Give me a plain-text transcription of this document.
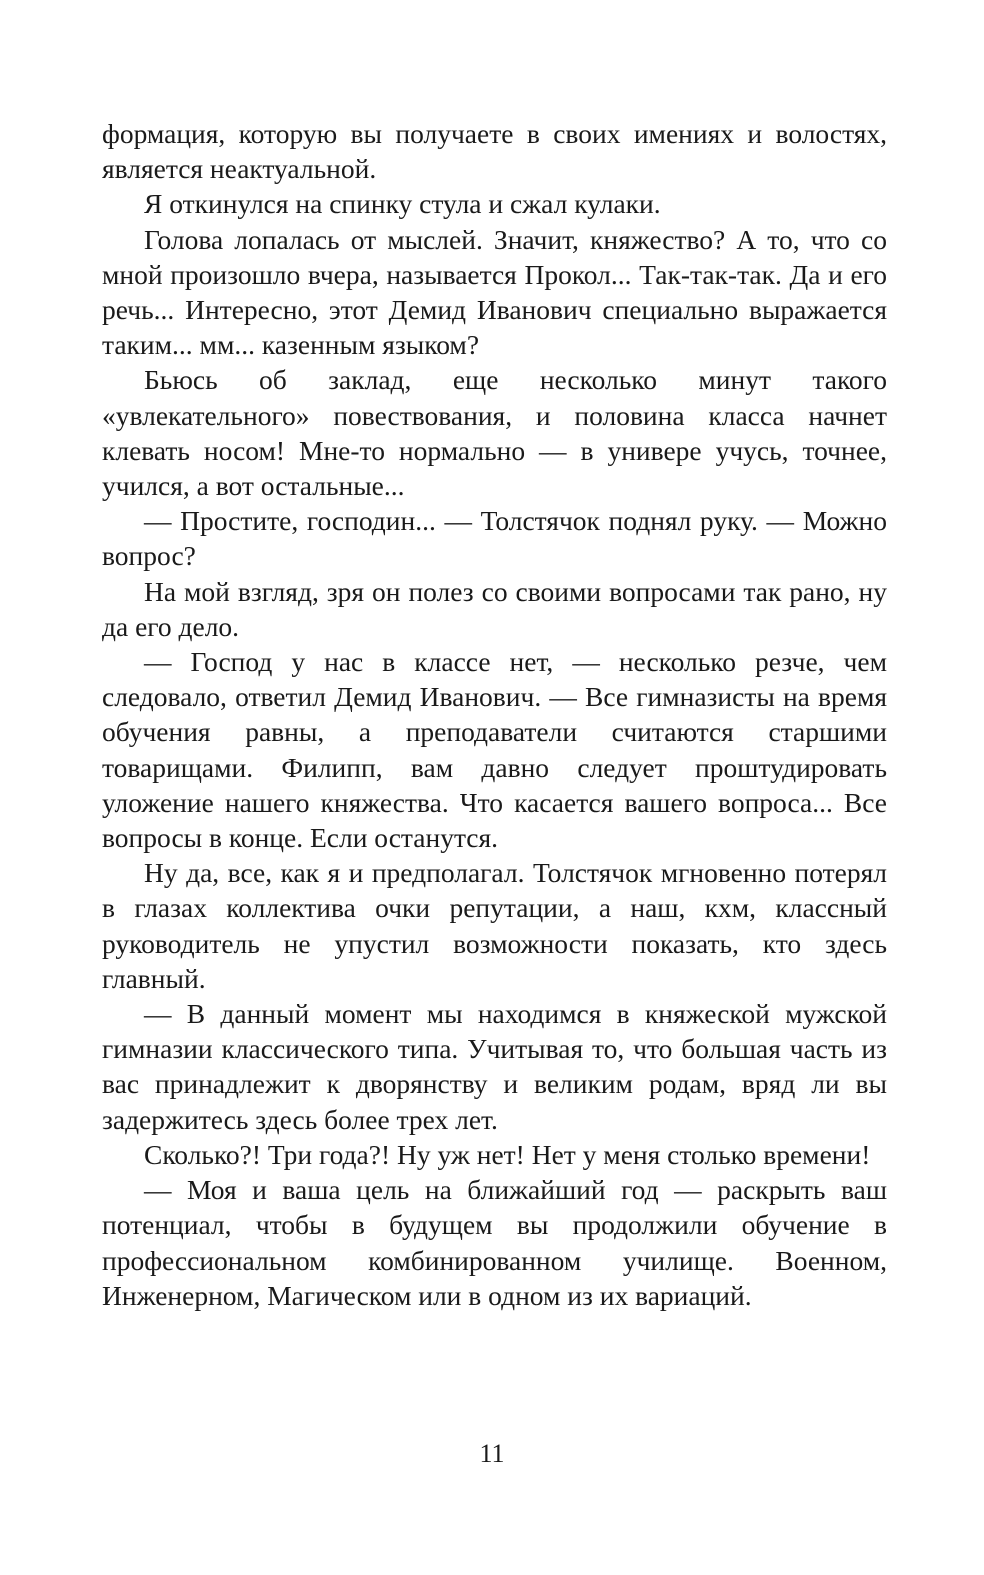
формация, которую вы получаете в своих имениях и волостях, является неактуальной.

Я откинулся на спинку стула и сжал кулаки.

Голова лопалась от мыслей. Значит, княжество? А то, что со мной произошло вчера, называется Прокол... Так-так-так. Да и его речь... Интересно, этот Демид Иванович специально выражается таким... мм... казенным языком?

Бьюсь об заклад, еще несколько минут такого «увлекательного» повествования, и половина класса начнет клевать носом! Мне-то нормально — в универе учусь, точнее, учился, а вот остальные...

— Простите, господин... — Толстячок поднял руку. — Можно вопрос?

На мой взгляд, зря он полез со своими вопросами так рано, ну да его дело.

— Господ у нас в классе нет, — несколько резче, чем следовало, ответил Демид Иванович. — Все гимназисты на время обучения равны, а преподаватели считаются старшими товарищами. Филипп, вам давно следует проштудировать уложение нашего княжества. Что касается вашего вопроса... Все вопросы в конце. Если останутся.

Ну да, все, как я и предполагал. Толстячок мгновенно потерял в глазах коллектива очки репутации, а наш, кхм, классный руководитель не упустил возможности показать, кто здесь главный.

— В данный момент мы находимся в княжеской мужской гимназии классического типа. Учитывая то, что большая часть из вас принадлежит к дворянству и великим родам, вряд ли вы задержитесь здесь более трех лет.

Сколько?! Три года?! Ну уж нет! Нет у меня столько времени!

— Моя и ваша цель на ближайший год — раскрыть ваш потенциал, чтобы в будущем вы продолжили обучение в профессиональном комбинированном училище. Военном, Инженерном, Магическом или в одном из их вариаций.

11
